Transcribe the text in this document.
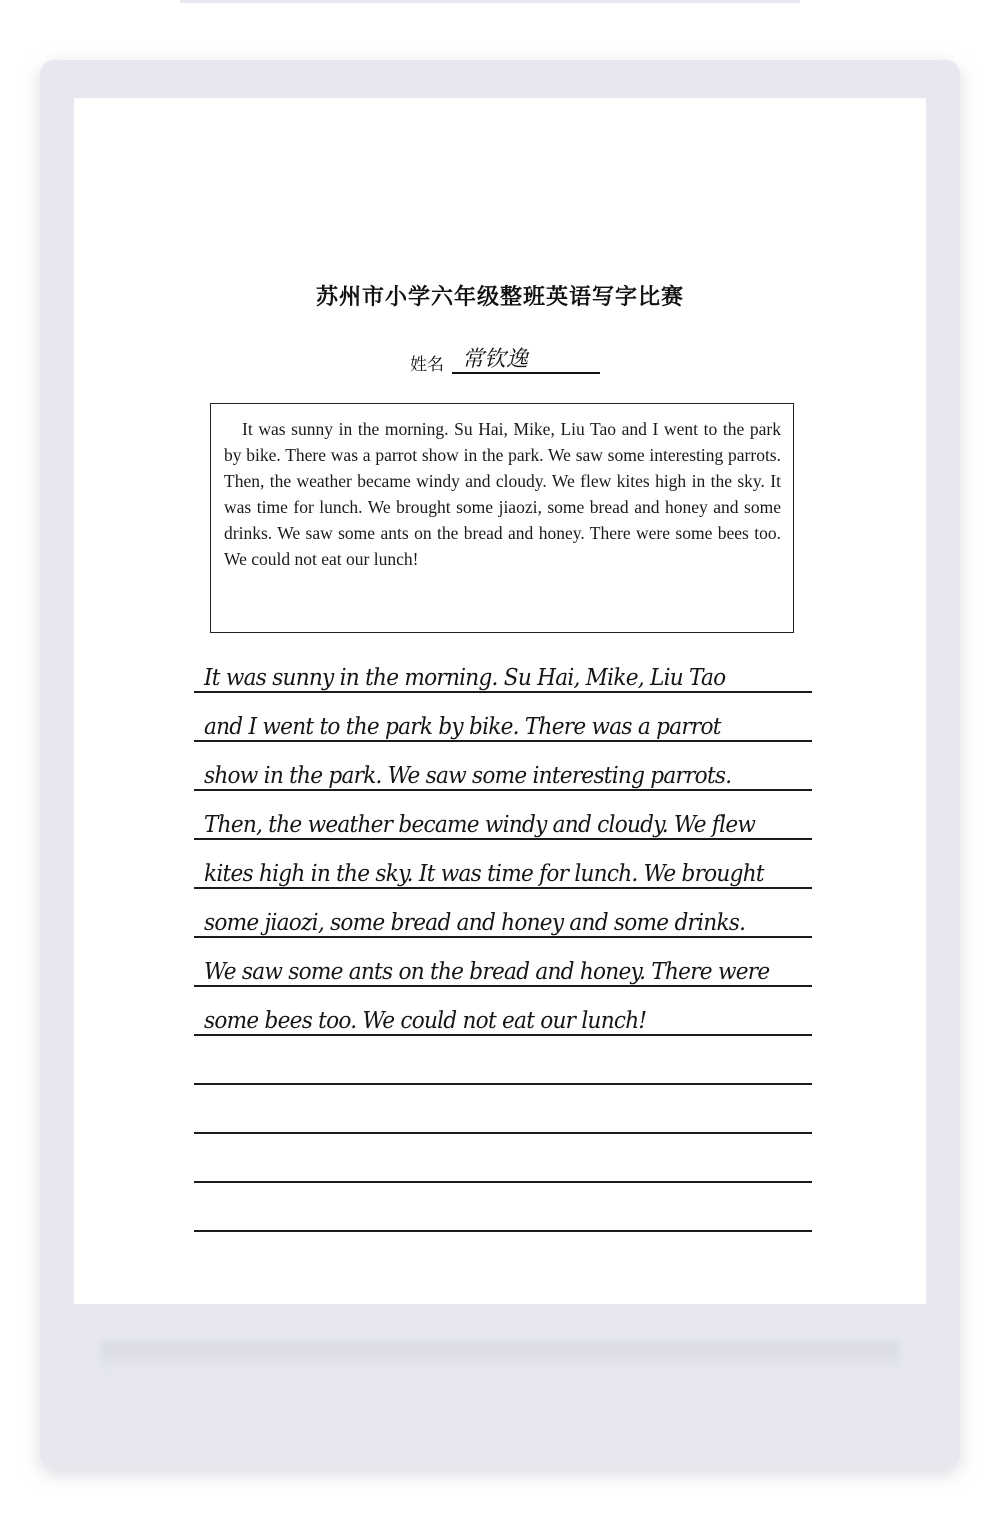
苏州市小学六年级整班英语写字比赛
姓名 常钦逸

It was sunny in the morning. Su Hai, Mike, Liu Tao and I went to the park by bike. There was a parrot show in the park. We saw some interesting parrots. Then, the weather became windy and cloudy. We flew kites high in the sky. It was time for lunch. We brought some jiaozi, some bread and honey and some drinks. We saw some ants on the bread and honey. There were some bees too. We could not eat our lunch!

It was sunny in the morning. Su Hai, Mike, Liu Tao
and I went to the park by bike. There was a parrot
show in the park. We saw some interesting parrots.
Then, the weather became windy and cloudy. We flew
kites high in the sky. It was time for lunch. We brought
some jiaozi, some bread and honey and some drinks.
We saw some ants on the bread and honey. There were
some bees too. We could not eat our lunch!
